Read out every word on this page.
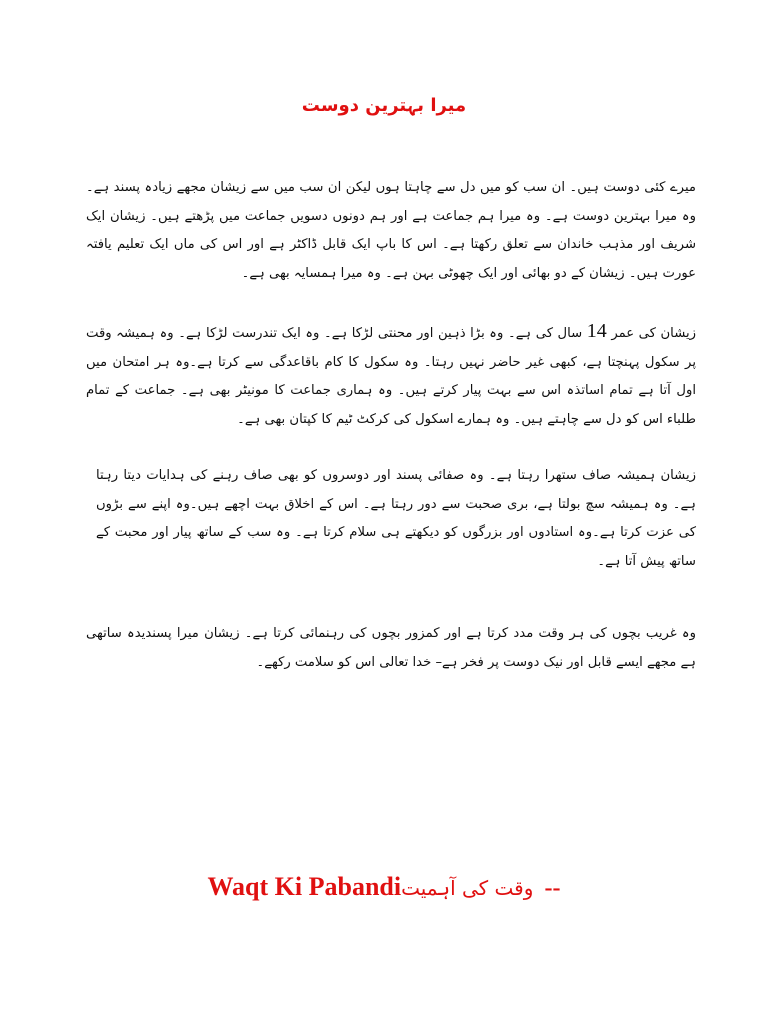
میرا بہترین دوست

میرے کئی دوست ہیں۔ ان سب کو میں دل سے چاہتا ہوں لیکن ان سب میں سے زیشان مجھے زیادہ پسند ہے۔ وہ میرا بہترین دوست ہے۔ وہ میرا ہم جماعت ہے اور ہم دونوں دسویں جماعت میں پڑھتے ہیں۔ زیشان ایک شریف اور مذہب خاندان سے تعلق رکھتا ہے۔ اس کا باپ ایک قابل ڈاکٹر ہے اور اس کی ماں ایک تعلیم یافتہ عورت ہیں۔ زیشان کے دو بھائی اور ایک چھوٹی بہن ہے۔ وہ میرا ہمسایہ بھی ہے۔

زیشان کی عمر 14 سال کی ہے۔ وہ بڑا ذہین اور محنتی لڑکا ہے۔ وہ ایک تندرست لڑکا ہے۔ وہ ہمیشہ وقت پر سکول پہنچتا ہے، کبھی غیر حاضر نہیں رہتا۔ وہ سکول کا کام باقاعدگی سے کرتا ہے۔وہ ہر امتحان میں اول آتا ہے تمام اساتذہ اس سے بہت پیار کرتے ہیں۔ وہ ہماری جماعت کا مونیٹر بھی ہے۔ جماعت کے تمام طلباء اس کو دل سے چاہتے ہیں۔ وہ ہمارے اسکول کی کرکٹ ٹیم کا کپتان بھی ہے۔

زیشان ہمیشہ صاف ستھرا رہتا ہے۔ وہ صفائی پسند اور دوسروں کو بھی صاف رہنے کی ہدایات دیتا رہتا ہے۔ وہ ہمیشہ سچ بولتا ہے، بری صحبت سے دور رہتا ہے۔ اس کے اخلاق بہت اچھے ہیں۔وہ اپنے سے بڑوں کی عزت کرتا ہے۔وہ استادوں اور بزرگوں کو دیکھتے ہی سلام کرتا ہے۔ وہ سب کے ساتھ پیار اور محبت کے ساتھ پیش آتا ہے۔

وہ غریب بچوں کی ہر وقت مدد کرتا ہے اور کمزور بچوں کی رہنمائی کرتا ہے۔ زیشان میرا پسندیدہ ساتھی ہے مجھے ایسے قابل اور نیک دوست پر فخر ہے– خدا تعالی اس کو سلامت رکھے۔

Waqt Ki Pabandiوقت کی آہمیت --
